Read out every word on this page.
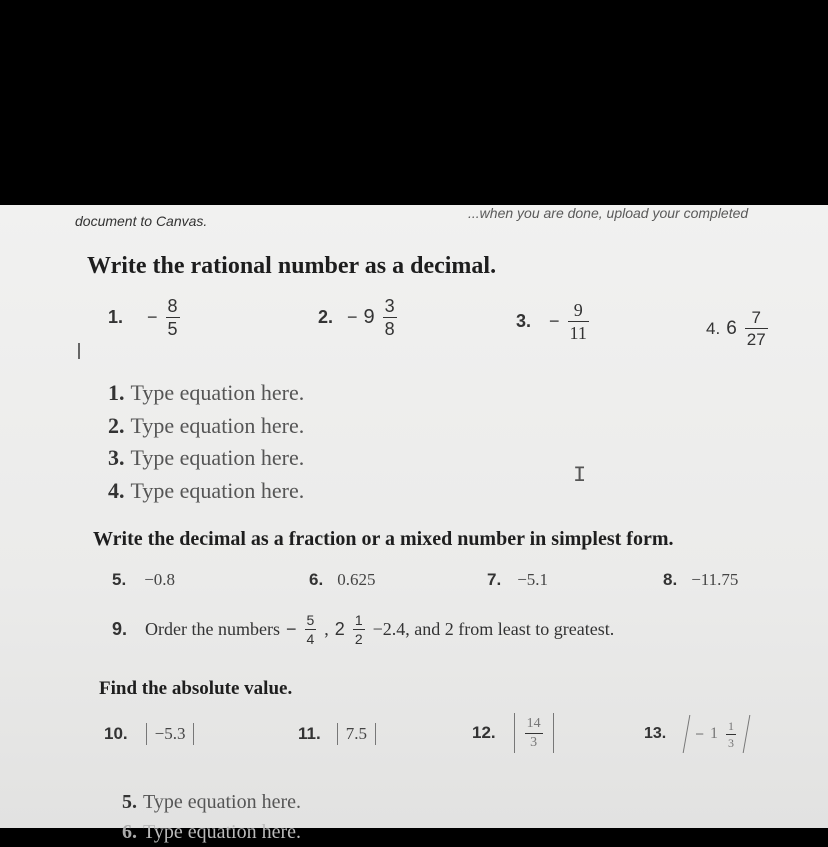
...when you are done, upload your completed
document to Canvas.
Write the rational number as a decimal.
1. − $\frac{8}{5}$	2. − $9 \frac{3}{8}$	3. − $\frac{9}{11}$	4. $6 \frac{7}{27}$
1. Type equation here.
2. Type equation here.
3. Type equation here.
4. Type equation here.
I
Write the decimal as a fraction or a mixed number in simplest form.
5. −0.8	6. 0.625	7. −5.1	8. −11.75
9. Order the numbers − $\frac{5}{4}$ , $2 \frac{1}{2} -2.4$, and 2 from least to greatest.
Find the absolute value.
10. −5.3	11. 7.5	12. $\frac{14}{3}$	13. − $1 \frac{1}{3}$
5. Type equation here.
6. Type equation here.
